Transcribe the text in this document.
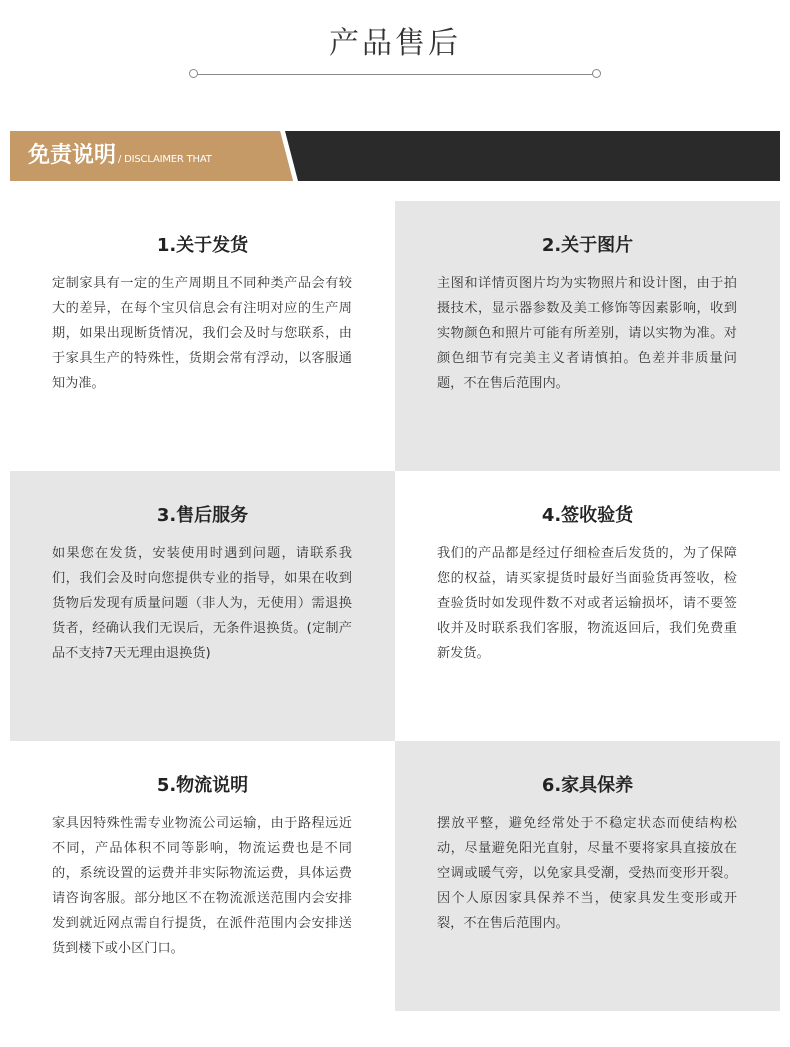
产品售后
免责说明 / DISCLAIMER THAT
1.关于发货
定制家具有一定的生产周期且不同种类产品会有较大的差异，在每个宝贝信息会有注明对应的生产周期，如果出现断货情况，我们会及时与您联系，由于家具生产的特殊性，货期会常有浮动，以客服通知为准。
2.关于图片
主图和详情页图片均为实物照片和设计图，由于拍摄技术，显示器参数及美工修饰等因素影响，收到实物颜色和照片可能有所差别，请以实物为准。对颜色细节有完美主义者请慎拍。色差并非质量问题，不在售后范围内。
3.售后服务
如果您在发货，安装使用时遇到问题，请联系我们，我们会及时向您提供专业的指导，如果在收到货物后发现有质量问题（非人为，无使用）需退换货者，经确认我们无误后，无条件退换货。(定制产品不支持7天无理由退换货)
4.签收验货
我们的产品都是经过仔细检查后发货的，为了保障您的权益，请买家提货时最好当面验货再签收，检查验货时如发现件数不对或者运输损坏，请不要签收并及时联系我们客服，物流返回后，我们免费重新发货。
5.物流说明
家具因特殊性需专业物流公司运输，由于路程远近不同，产品体积不同等影响，物流运费也是不同的，系统设置的运费并非实际物流运费，具体运费请咨询客服。部分地区不在物流派送范围内会安排发到就近网点需自行提货，在派件范围内会安排送货到楼下或小区门口。
6.家具保养
摆放平整，避免经常处于不稳定状态而使结构松动，尽量避免阳光直射，尽量不要将家具直接放在空调或暖气旁，以免家具受潮，受热而变形开裂。因个人原因家具保养不当，使家具发生变形或开裂，不在售后范围内。
